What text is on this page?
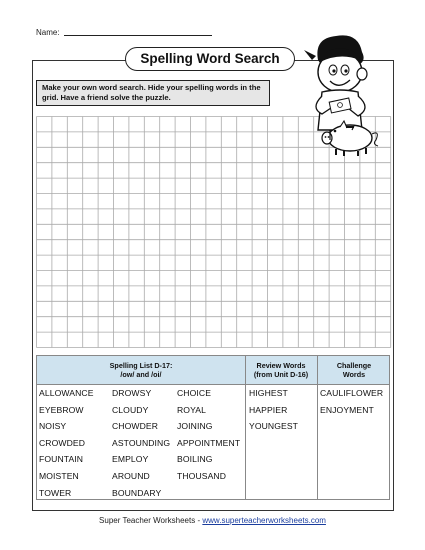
Name:
Spelling Word Search
Make your own word search. Hide your spelling words in the grid. Have a friend solve the puzzle.
Spelling List D-17:
/ow/ and /oi/
Review Words
(from Unit D-16)
Challenge
Words
ALLOWANCE
EYEBROW
NOISY
CROWDED
FOUNTAIN
MOISTEN
TOWER
DROWSY
CLOUDY
CHOWDER
ASTOUNDING
EMPLOY
AROUND
BOUNDARY
CHOICE
ROYAL
JOINING
APPOINTMENT
BOILING
THOUSAND
HIGHEST
HAPPIER
YOUNGEST
CAULIFLOWER
ENJOYMENT
Super Teacher Worksheets - www.superteacherworksheets.com
